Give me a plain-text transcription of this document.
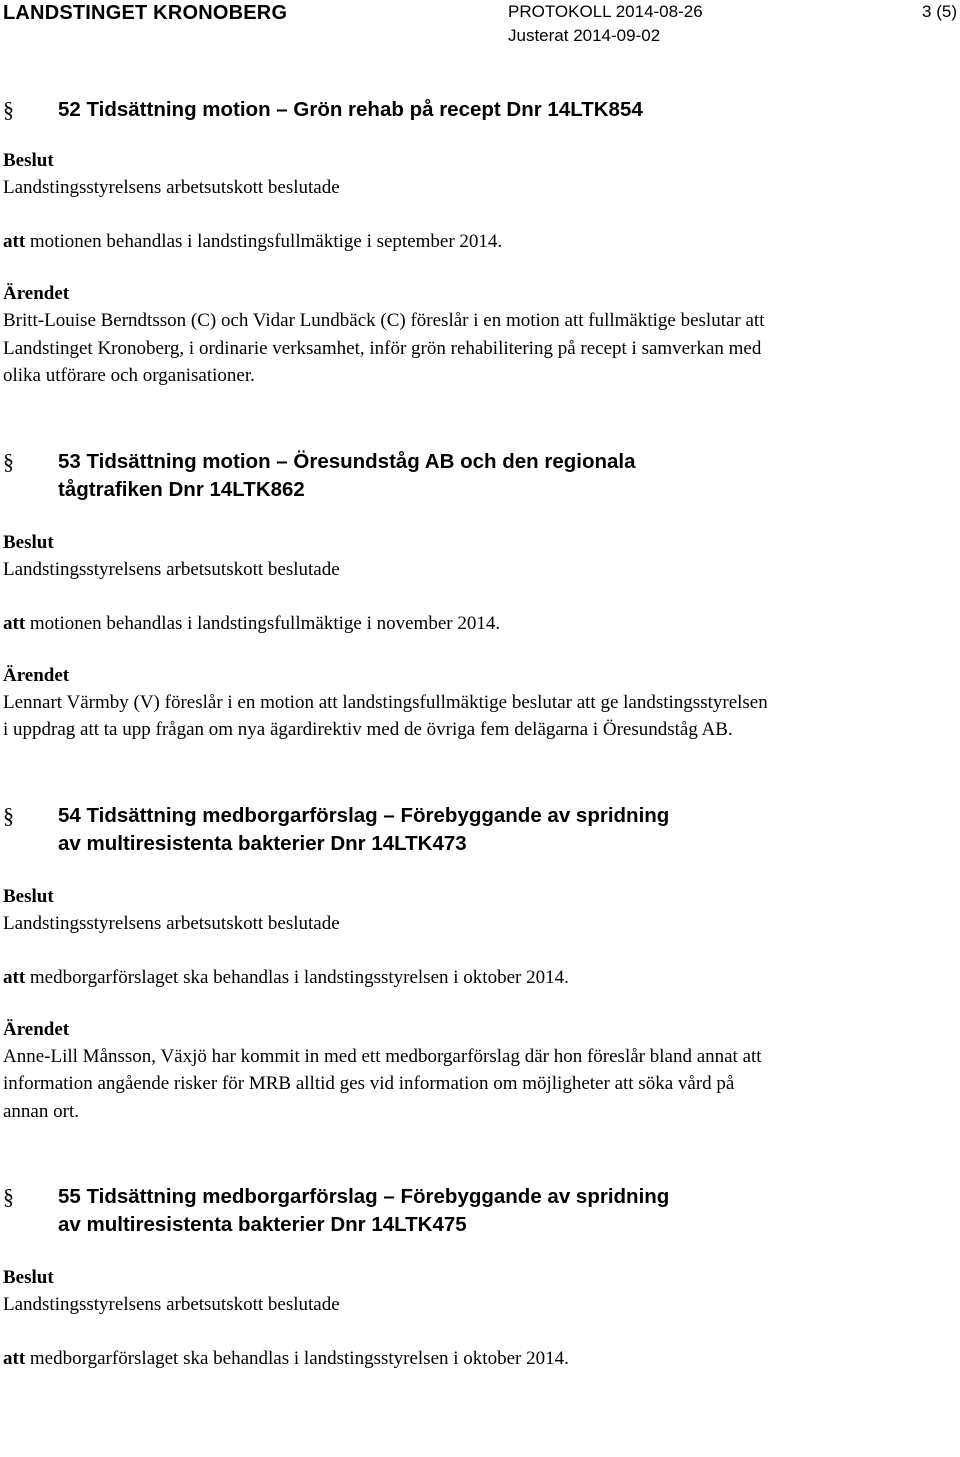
LANDSTINGET KRONOBERG	PROTOKOLL 2014-08-26
Justerat 2014-09-02
3 (5)
§ 52 Tidsättning motion – Grön rehab på recept Dnr 14LTK854
Beslut
Landstingsstyrelsens arbetsutskott beslutade
att motionen behandlas i landstingsfullmäktige i september 2014.
Ärendet
Britt-Louise Berndtsson (C) och Vidar Lundbäck (C) föreslår i en motion att fullmäktige beslutar att Landstinget Kronoberg, i ordinarie verksamhet, inför grön rehabilitering på recept i samverkan med olika utförare och organisationer.
§ 53 Tidsättning motion – Öresundståg AB och den regionala
tågtrafiken Dnr 14LTK862
Beslut
Landstingsstyrelsens arbetsutskott beslutade
att motionen behandlas i landstingsfullmäktige i november 2014.
Ärendet
Lennart Värmby (V) föreslår i en motion att landstingsfullmäktige beslutar att ge landstingsstyrelsen i uppdrag att ta upp frågan om nya ägardirektiv med de övriga fem delägarna i Öresundståg AB.
§ 54 Tidsättning medborgarförslag – Förebyggande av spridning
av multiresistenta bakterier Dnr 14LTK473
Beslut
Landstingsstyrelsens arbetsutskott beslutade
att medborgarförslaget ska behandlas i landstingsstyrelsen i oktober 2014.
Ärendet
Anne-Lill Månsson, Växjö har kommit in med ett medborgarförslag där hon föreslår bland annat att information angående risker för MRB alltid ges vid information om möjligheter att söka vård på annan ort.
§ 55 Tidsättning medborgarförslag – Förebyggande av spridning
av multiresistenta bakterier Dnr 14LTK475
Beslut
Landstingsstyrelsens arbetsutskott beslutade
att medborgarförslaget ska behandlas i landstingsstyrelsen i oktober 2014.
